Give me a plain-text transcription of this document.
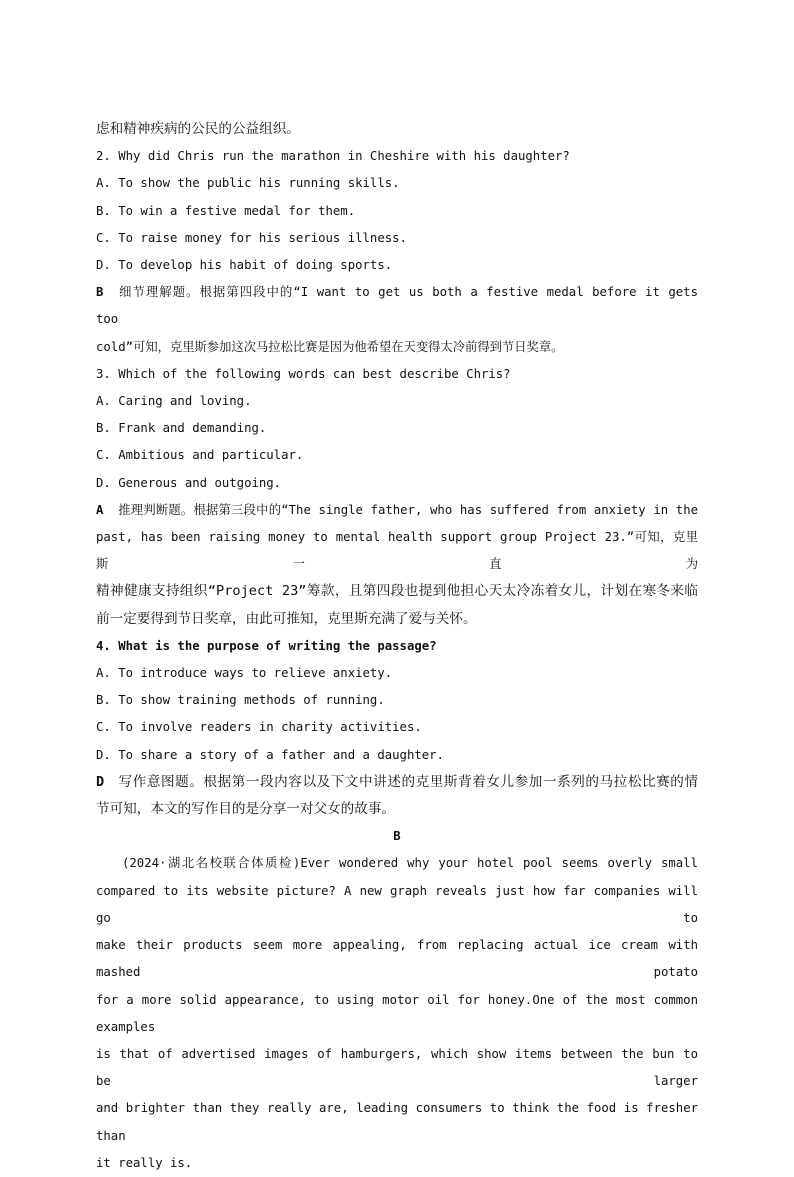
虑和精神疾病的公民的公益组织。
2. Why did Chris run the marathon in Cheshire with his daughter?
A. To show the public his running skills.
B. To win a festive medal for them.
C. To raise money for his serious illness.
D. To develop his habit of doing sports.
B 细节理解题。根据第四段中的“I want to get us both a festive medal before it gets too
cold”可知，克里斯参加这次马拉松比赛是因为他希望在天变得太冷前得到节日奖章。
3. Which of the following words can best describe Chris?
A. Caring and loving.
B. Frank and demanding.
C. Ambitious and particular.
D. Generous and outgoing.
A 推理判断题。根据第三段中的“The single father, who has suffered from anxiety in the
past, has been raising money to mental health support group Project 23.”可知，克里斯一直为
精神健康支持组织“Project 23”筹款，且第四段也提到他担心天太冷冻着女儿，计划在寒冬来临
前一定要得到节日奖章，由此可推知，克里斯充满了爱与关怀。
4. What is the purpose of writing the passage?
A. To introduce ways to relieve anxiety.
B. To show training methods of running.
C. To involve readers in charity activities.
D. To share a story of a father and a daughter.
D 写作意图题。根据第一段内容以及下文中讲述的克里斯背着女儿参加一系列的马拉松比赛的情
节可知，本文的写作目的是分享一对父女的故事。
B
(2024·湖北名校联合体质检)Ever wondered why your hotel pool seems overly small
compared to its website picture? A new graph reveals just how far companies will go to
make their products seem more appealing, from replacing actual ice cream with mashed potato
for a more solid appearance, to using motor oil for honey.One of the most common examples
is that of advertised images of hamburgers, which show items between the bun to be larger
and brighter than they really are, leading consumers to think the food is fresher than
it really is.
